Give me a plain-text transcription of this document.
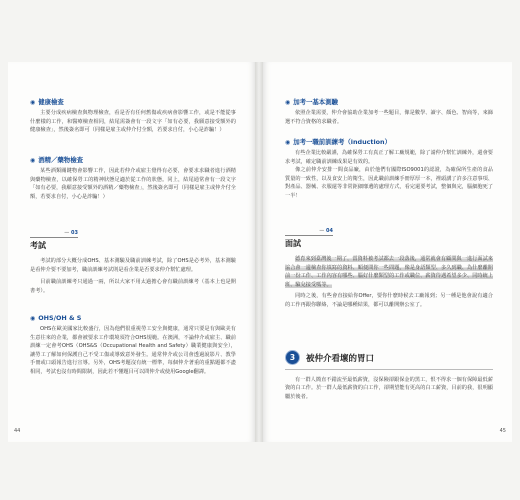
◉ 健康檢查
主要分成疾病檢查與物理檢查，看是否有任何舊傷或疾病會影響工作，或是不能從事什麼樣的工作，和醫療檢查相同，結尾需簽會有一段文字「如有必要，我願意接受額外的健康檢查」，然後簽名即可（同樣是雇主或仲介付全額，若要求自付，小心是詐騙！）
◉ 酒精／藥物檢查
某些酒類關鍵物會影響工作，因此若仲介或雇主覺得有必要，會要求求職者進行酒精與藥物檢查，以確保勞工的精神狀態足適於從工作的狀態。同上，結尾通常會有一段文字「如有必要，我願意接受額外的酒精／藥物檢查」，然後簽名即可（同樣是雇主或仲介付全額，若要求自付，小心是詐騙！）
— 03
考試
考試的部分大概分成OHS、基本測驗及職前訓練考試，除了OHS是必考外，基本測驗是看仲介要不要加考，職前訓練考試則是看企業是否要求仲介幫忙處理。
目前職前訓練考只通過一兩，所以大家不用太過擔心會有職前訓練考（基本上也是開書考）。
◉ OHS/OH & S
OHS在歐美國家比較盛行，因為他們很重視勞工安全與健康，通常只要是有與歐美有生意往來的企業，都會被要求工作環境須符合OHS規範。在澳洲，不論仲介或雇主、職前訓練一定會考OHS（OHS&S（Occupational Health and Safety）職業健康與安全），讓勞工了解如何保護自己不受工傷或導致意外發生。通常仲介或公司會透過說影片、教學手冊或口頭報告進行宣導。另外，OHS考題沒有統一標準，每個仲介著重的重點題都不盡相同，考試也沒有時間限制，因此若不懂題目可以問仲介或使用Google翻譯。
44
◉ 加考一基本測驗
依照企業需要，仲介會協助企業加考一些題目，像是數學、讀字、顏色、智商等，來篩選不符合資格的求職者。
◉ 加考一職前訓練考（induction）
有些企業比較嚴謹，為確保勞工有真正了解工廠規範，除了請仲介幫忙訓練外，還會要求考試，確定職前訓練成果是有效的。
像之前仲介安排一間食品廠，由於他們有國際ISO9001的認證，為確保所生產的食品質量的一致性，以及食安上的衛生，因此職前訓練手冊厚厚一本，裡頭講了許多注意事項、對產品、器械、衣服還等非常鉅細靡遺的處理方式，看完還要考試，整個與完，腦細胞死了一半！
— 04
面試
德育來到臺灣後一期了，當資料被考試都去一段落後，通常就會有顧問與一進行面試來協合會一邊檢查你填寫的資料、順便問你一些問題，像是身語類型、多久到職、為什麼離開前一份工作、工作內容有哪些、腦好什麼類型的工作或職位、薪資待遇希望多少、同時統上班、驗兌接受嗎等。
同時之後，有些會直接給你Offer，要你什麼時候去工廠報到；另一種是他會說有適合的工作再跟你聯絡，不論是哪種結果，都可以離開辦公室了。
3	被仲介看壞的胃口
有一群人簡直不錯流至最低薪資，沒保險卻跟保金的黑工，恨不得求一個有保障最低薪資的白工作。於一群人最低薪資的白工作，卻期望能有更高的白工薪資，目前的我，很明顯屬於後者。
45
